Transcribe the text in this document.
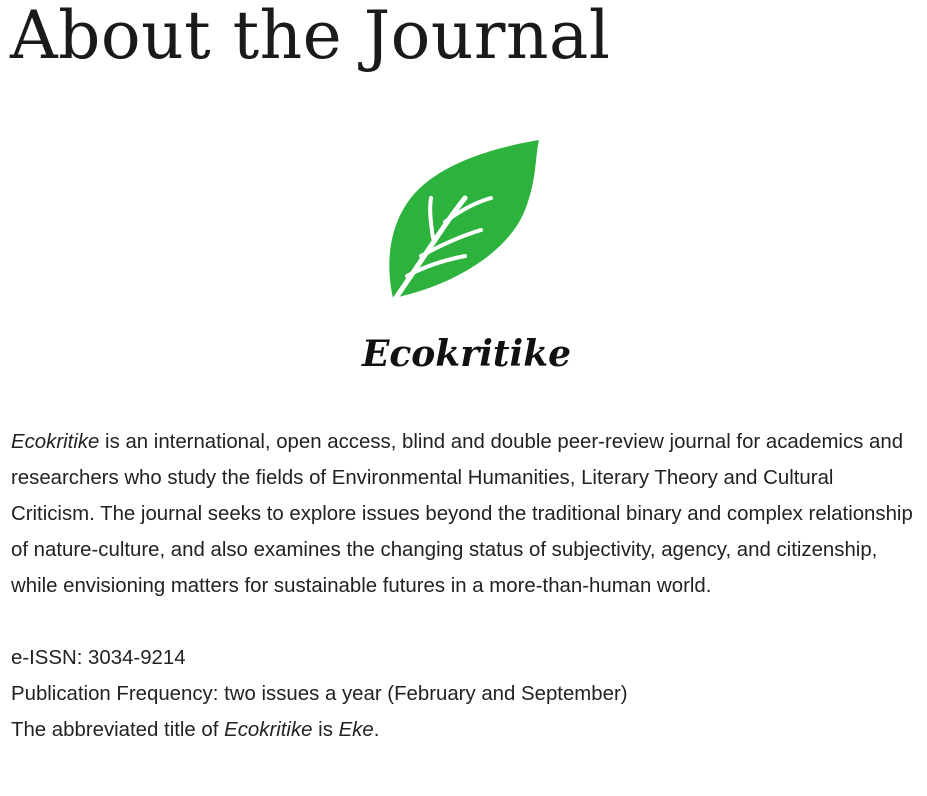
About the Journal
Ecokritike

Ecokritike is an international, open access, blind and double peer-review journal for academics and researchers who study the fields of Environmental Humanities, Literary Theory and Cultural Criticism. The journal seeks to explore issues beyond the traditional binary and complex relationship of nature-culture, and also examines the changing status of subjectivity, agency, and citizenship, while envisioning matters for sustainable futures in a more-than-human world.

e-ISSN: 3034-9214

Publication Frequency: two issues a year (February and September)

The abbreviated title of Ecokritike is Eke.
